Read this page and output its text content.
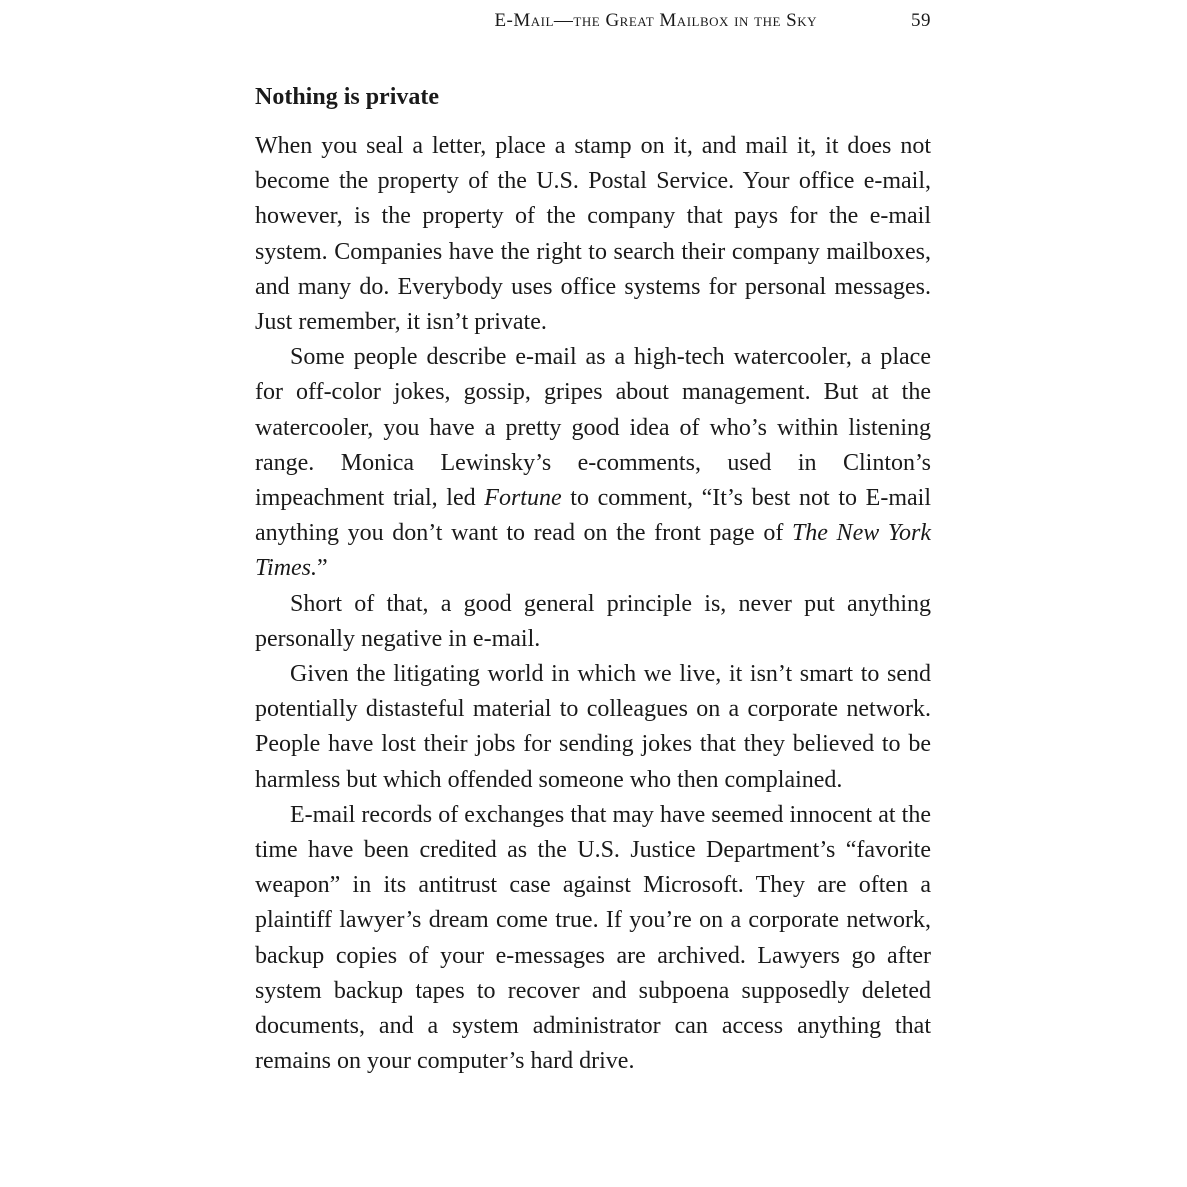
E-Mail—the Great Mailbox in the Sky	59
Nothing is private

When you seal a letter, place a stamp on it, and mail it, it does not become the property of the U.S. Postal Service. Your office e-mail, however, is the property of the company that pays for the e-mail system. Companies have the right to search their company mailboxes, and many do. Everybody uses office systems for personal messages. Just remember, it isn’t private.

Some people describe e-mail as a high-tech watercooler, a place for off-color jokes, gossip, gripes about management. But at the watercooler, you have a pretty good idea of who’s within listening range. Monica Lewinsky’s e-comments, used in Clinton’s impeachment trial, led Fortune to comment, “It’s best not to E-mail anything you don’t want to read on the front page of The New York Times.”

Short of that, a good general principle is, never put anything personally negative in e-mail.

Given the litigating world in which we live, it isn’t smart to send potentially distasteful material to colleagues on a corporate network. People have lost their jobs for sending jokes that they believed to be harmless but which offended someone who then complained.

E-mail records of exchanges that may have seemed innocent at the time have been credited as the U.S. Justice Department’s “favorite weapon” in its antitrust case against Microsoft. They are often a plaintiff lawyer’s dream come true. If you’re on a corporate network, backup copies of your e-messages are archived. Lawyers go after system backup tapes to recover and subpoena supposedly deleted documents, and a system administrator can access anything that remains on your computer’s hard drive.
